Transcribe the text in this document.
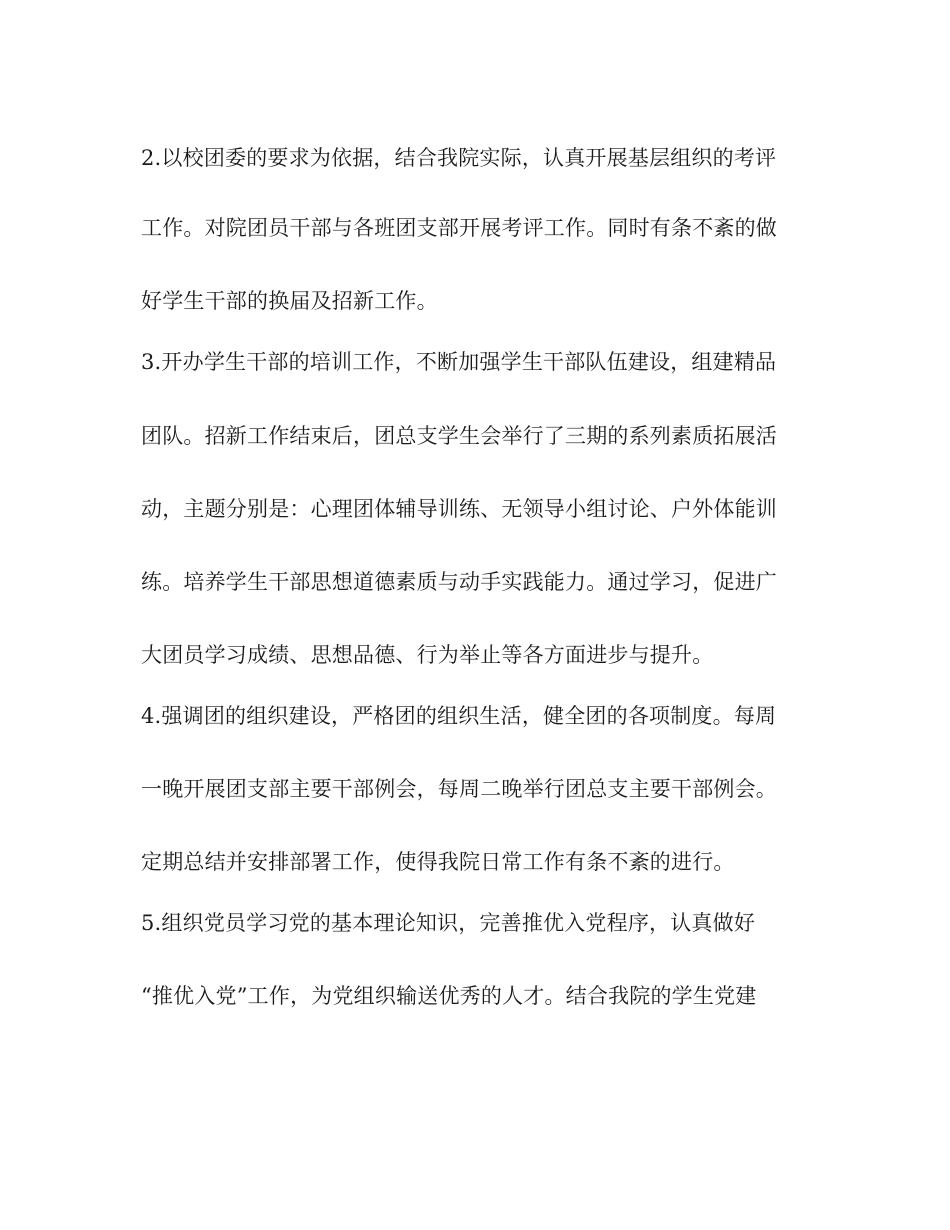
2.以校团委的要求为依据，结合我院实际，认真开展基层组织的考评
工作。对院团员干部与各班团支部开展考评工作。同时有条不紊的做
好学生干部的换届及招新工作。
3.开办学生干部的培训工作，不断加强学生干部队伍建设，组建精品
团队。招新工作结束后，团总支学生会举行了三期的系列素质拓展活
动，主题分别是：心理团体辅导训练、无领导小组讨论、户外体能训
练。培养学生干部思想道德素质与动手实践能力。通过学习，促进广
大团员学习成绩、思想品德、行为举止等各方面进步与提升。
4.强调团的组织建设，严格团的组织生活，健全团的各项制度。每周
一晚开展团支部主要干部例会，每周二晚举行团总支主要干部例会。
定期总结并安排部署工作，使得我院日常工作有条不紊的进行。
5.组织党员学习党的基本理论知识，完善推优入党程序，认真做好
“推优入党”工作，为党组织输送优秀的人才。结合我院的学生党建
